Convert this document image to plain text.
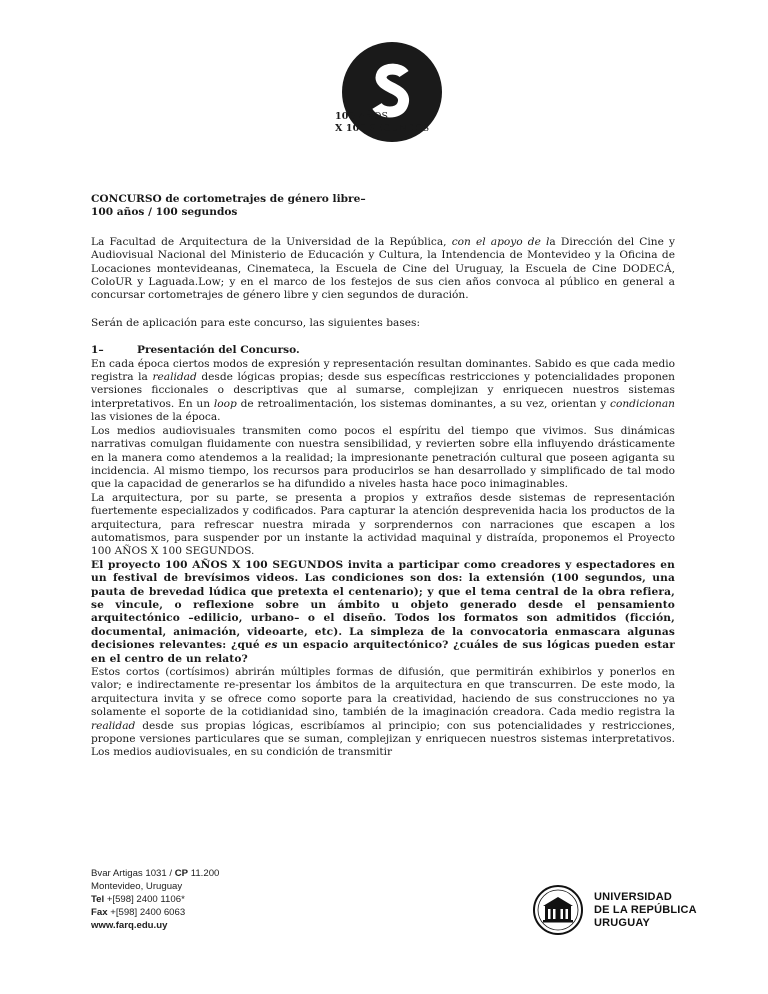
100 AÑOS
X 100 SEGUNDOS
CONCURSO de cortometrajes de género libre–
100 años / 100 segundos

La Facultad de Arquitectura de la Universidad de la República, con el apoyo de la Dirección del Cine y Audiovisual Nacional del Ministerio de Educación y Cultura, la Intendencia de Montevideo y la Oficina de Locaciones montevideanas, Cinemateca, la Escuela de Cine del Uruguay, la Escuela de Cine DODECÁ, ColoUR y Laguada.Low; y en el marco de los festejos de sus cien años convoca al público en general a concursar cortometrajes de género libre y cien segundos de duración.

Serán de aplicación para este concurso, las siguientes bases:

1–	Presentación del Concurso.

En cada época ciertos modos de expresión y representación resultan dominantes. Sabido es que cada medio registra la realidad desde lógicas propias; desde sus específicas restricciones y potencialidades proponen versiones ficcionales o descriptivas que al sumarse, complejizan y enriquecen nuestros sistemas interpretativos. En un loop de retroalimentación, los sistemas dominantes, a su vez, orientan y condicionan las visiones de la época.

Los medios audiovisuales transmiten como pocos el espíritu del tiempo que vivimos. Sus dinámicas narrativas comulgan fluidamente con nuestra sensibilidad, y revierten sobre ella influyendo drásticamente en la manera como atendemos a la realidad; la impresionante penetración cultural que poseen agiganta su incidencia. Al mismo tiempo, los recursos para producirlos se han desarrollado y simplificado de tal modo que la capacidad de generarlos se ha difundido a niveles hasta hace poco inimaginables.

La arquitectura, por su parte, se presenta a propios y extraños desde sistemas de representación fuertemente especializados y codificados. Para capturar la atención desprevenida hacia los productos de la arquitectura, para refrescar nuestra mirada y sorprendernos con narraciones que escapen a los automatismos, para suspender por un instante la actividad maquinal y distraída, proponemos el Proyecto 100 AÑOS X 100 SEGUNDOS.

El proyecto 100 AÑOS X 100 SEGUNDOS invita a participar como creadores y espectadores en un festival de brevísimos videos. Las condiciones son dos: la extensión (100 segundos, una pauta de brevedad lúdica que pretexta el centenario); y que el tema central de la obra refiera, se vincule, o reflexione sobre un ámbito u objeto generado desde el pensamiento arquitectónico –edilicio, urbano– o el diseño. Todos los formatos son admitidos (ficción, documental, animación, videoarte, etc). La simpleza de la convocatoria enmascara algunas decisiones relevantes: ¿qué es un espacio arquitectónico? ¿cuáles de sus lógicas pueden estar en el centro de un relato?

Estos cortos (cortísimos) abrirán múltiples formas de difusión, que permitirán exhibirlos y ponerlos en valor; e indirectamente re-presentar los ámbitos de la arquitectura en que transcurren. De este modo, la arquitectura invita y se ofrece como soporte para la creatividad, haciendo de sus construcciones no ya solamente el soporte de la cotidianidad sino, también de la imaginación creadora. Cada medio registra la realidad desde sus propias lógicas, escribíamos al principio; con sus potencialidades y restricciones, propone versiones particulares que se suman, complejizan y enriquecen nuestros sistemas interpretativos. Los medios audiovisuales, en su condición de transmitir

Bvar Artigas 1031 / CP 11.200
Montevideo, Uruguay
Tel +[598] 2400 1106*
Fax +[598] 2400 6063
www.farq.edu.uy
UNIVERSIDAD
DE LA REPÚBLICA
URUGUAY
